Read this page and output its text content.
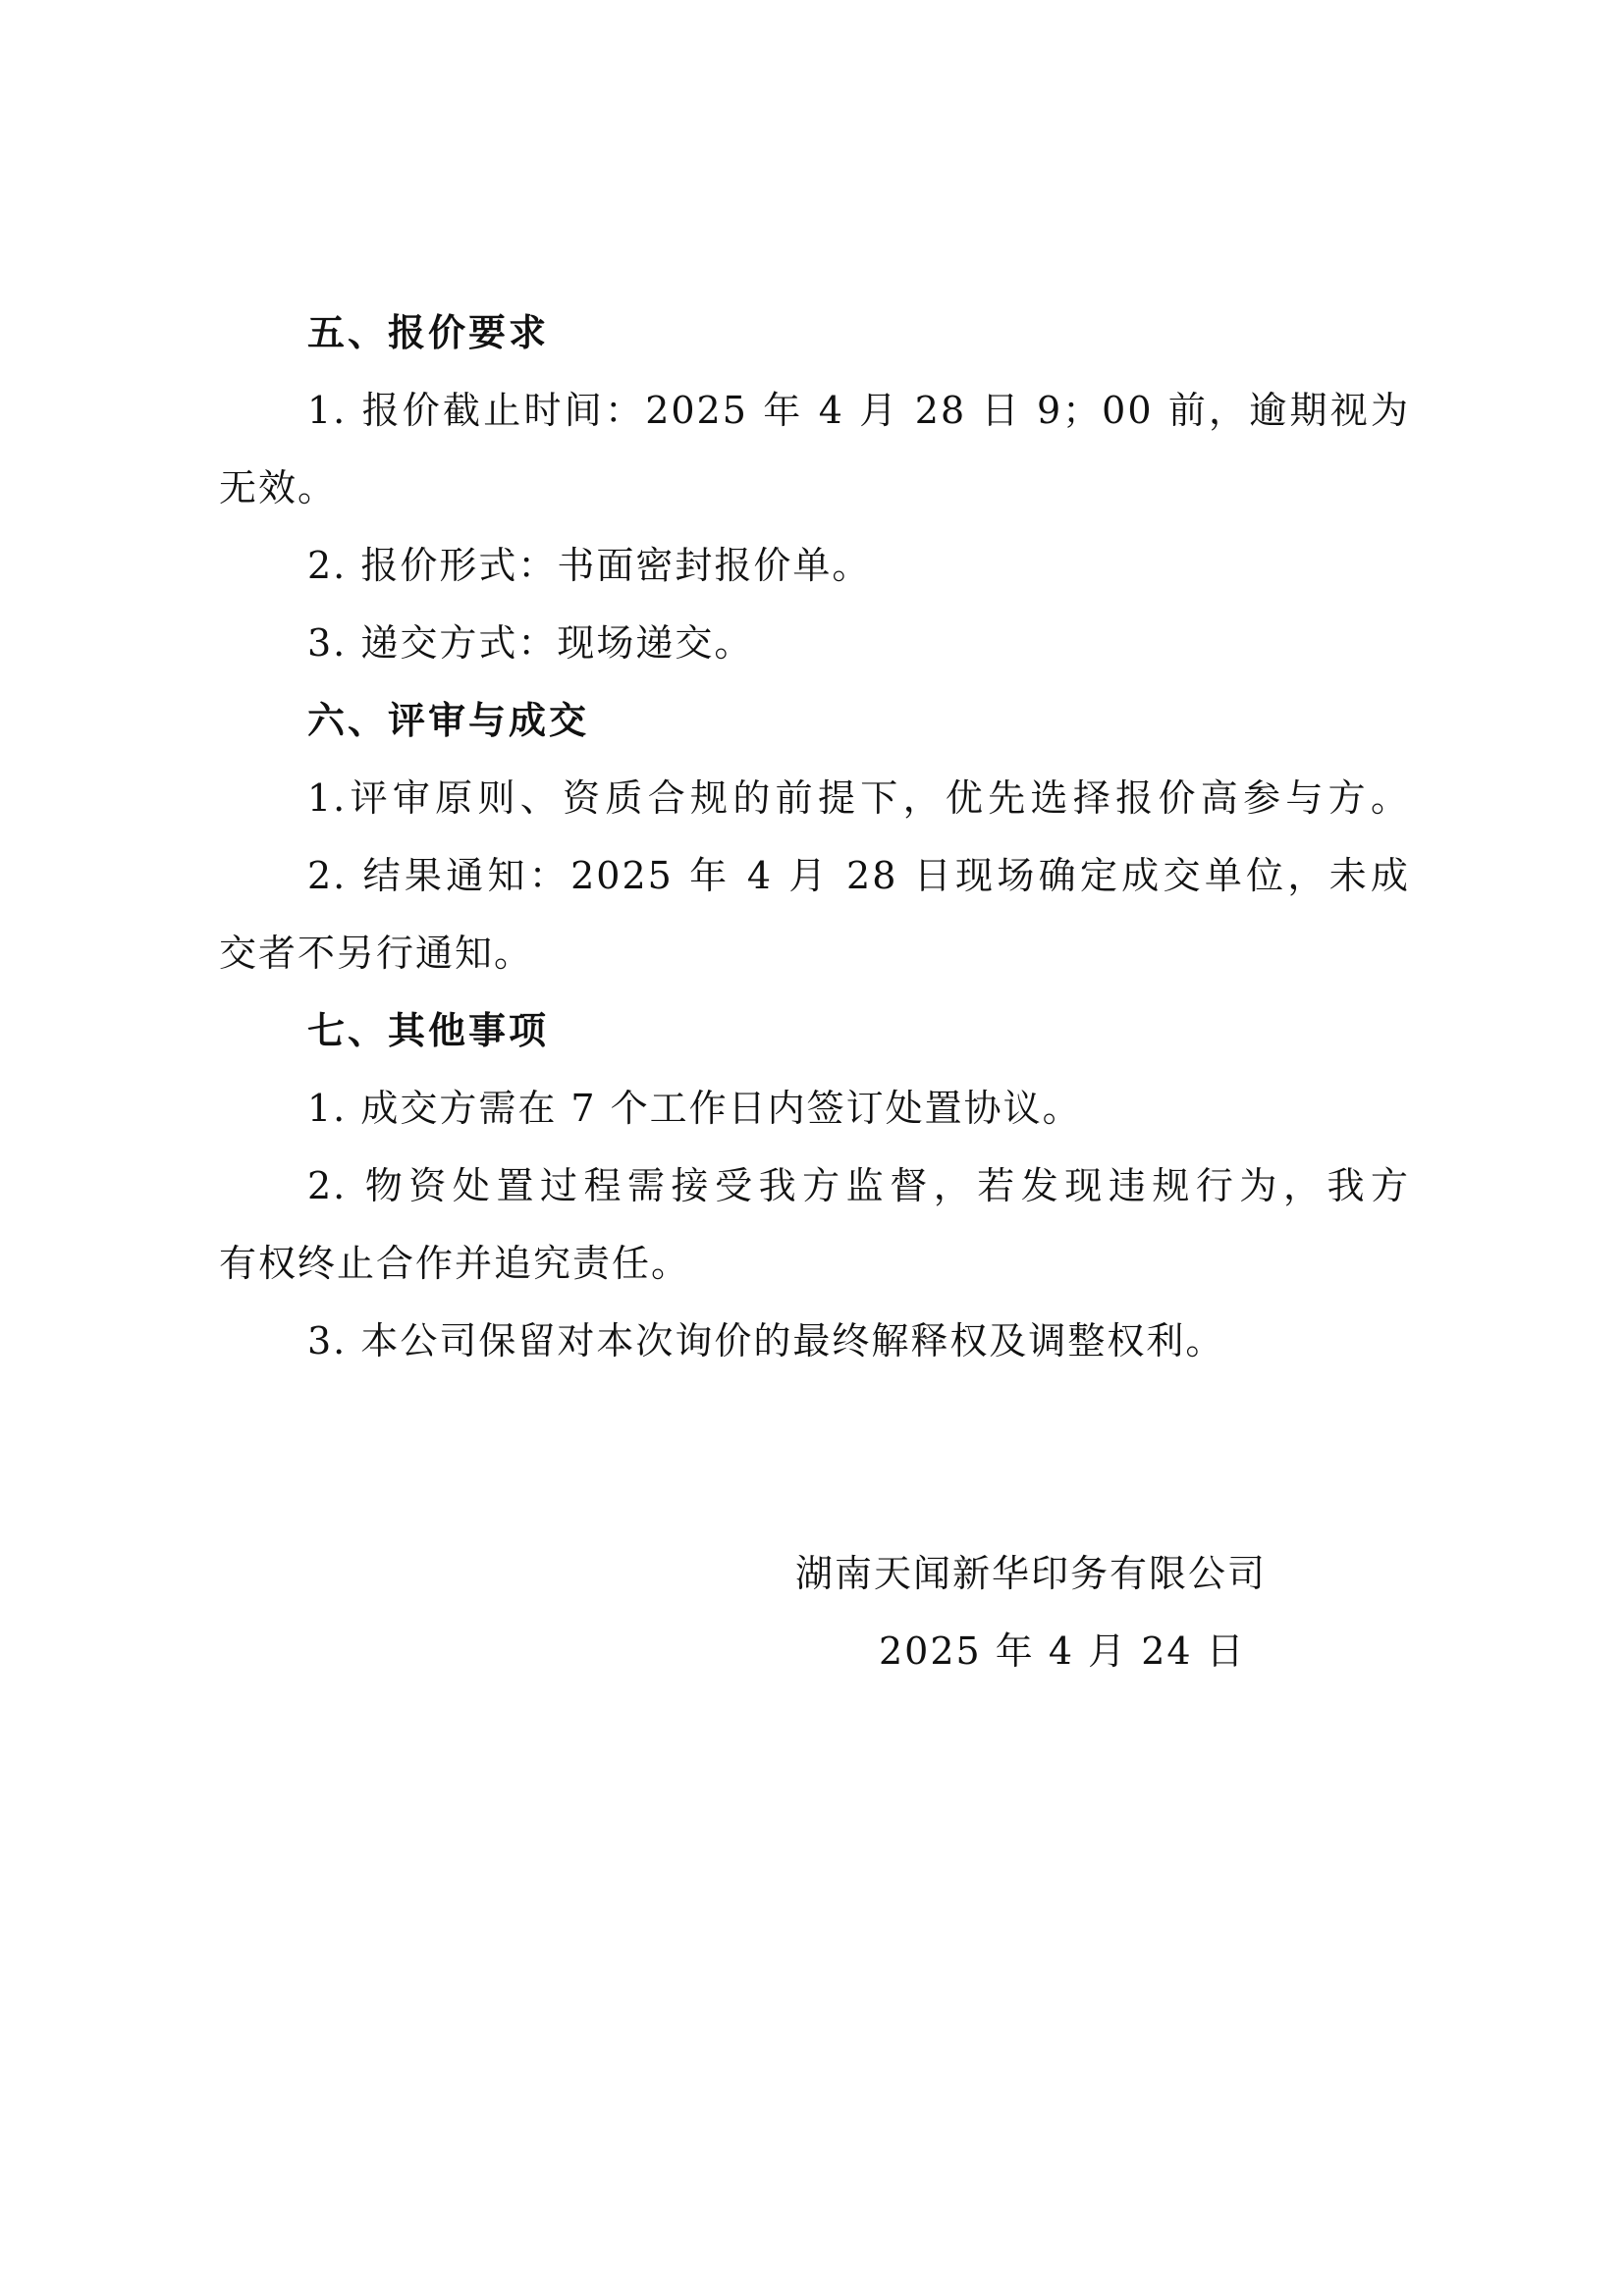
五、报价要求
1. 报价截止时间：2025 年 4 月 28 日 9；00 前，逾期视为
无效。
2. 报价形式：书面密封报价单。
3. 递交方式：现场递交。
六、评审与成交
1.评审原则、资质合规的前提下，优先选择报价高参与方。
2. 结果通知：2025 年 4 月 28 日现场确定成交单位，未成
交者不另行通知。
七、其他事项
1. 成交方需在 7 个工作日内签订处置协议。
2. 物资处置过程需接受我方监督，若发现违规行为，我方
有权终止合作并追究责任。
3. 本公司保留对本次询价的最终解释权及调整权利。
湖南天闻新华印务有限公司
2025 年 4 月 24 日
